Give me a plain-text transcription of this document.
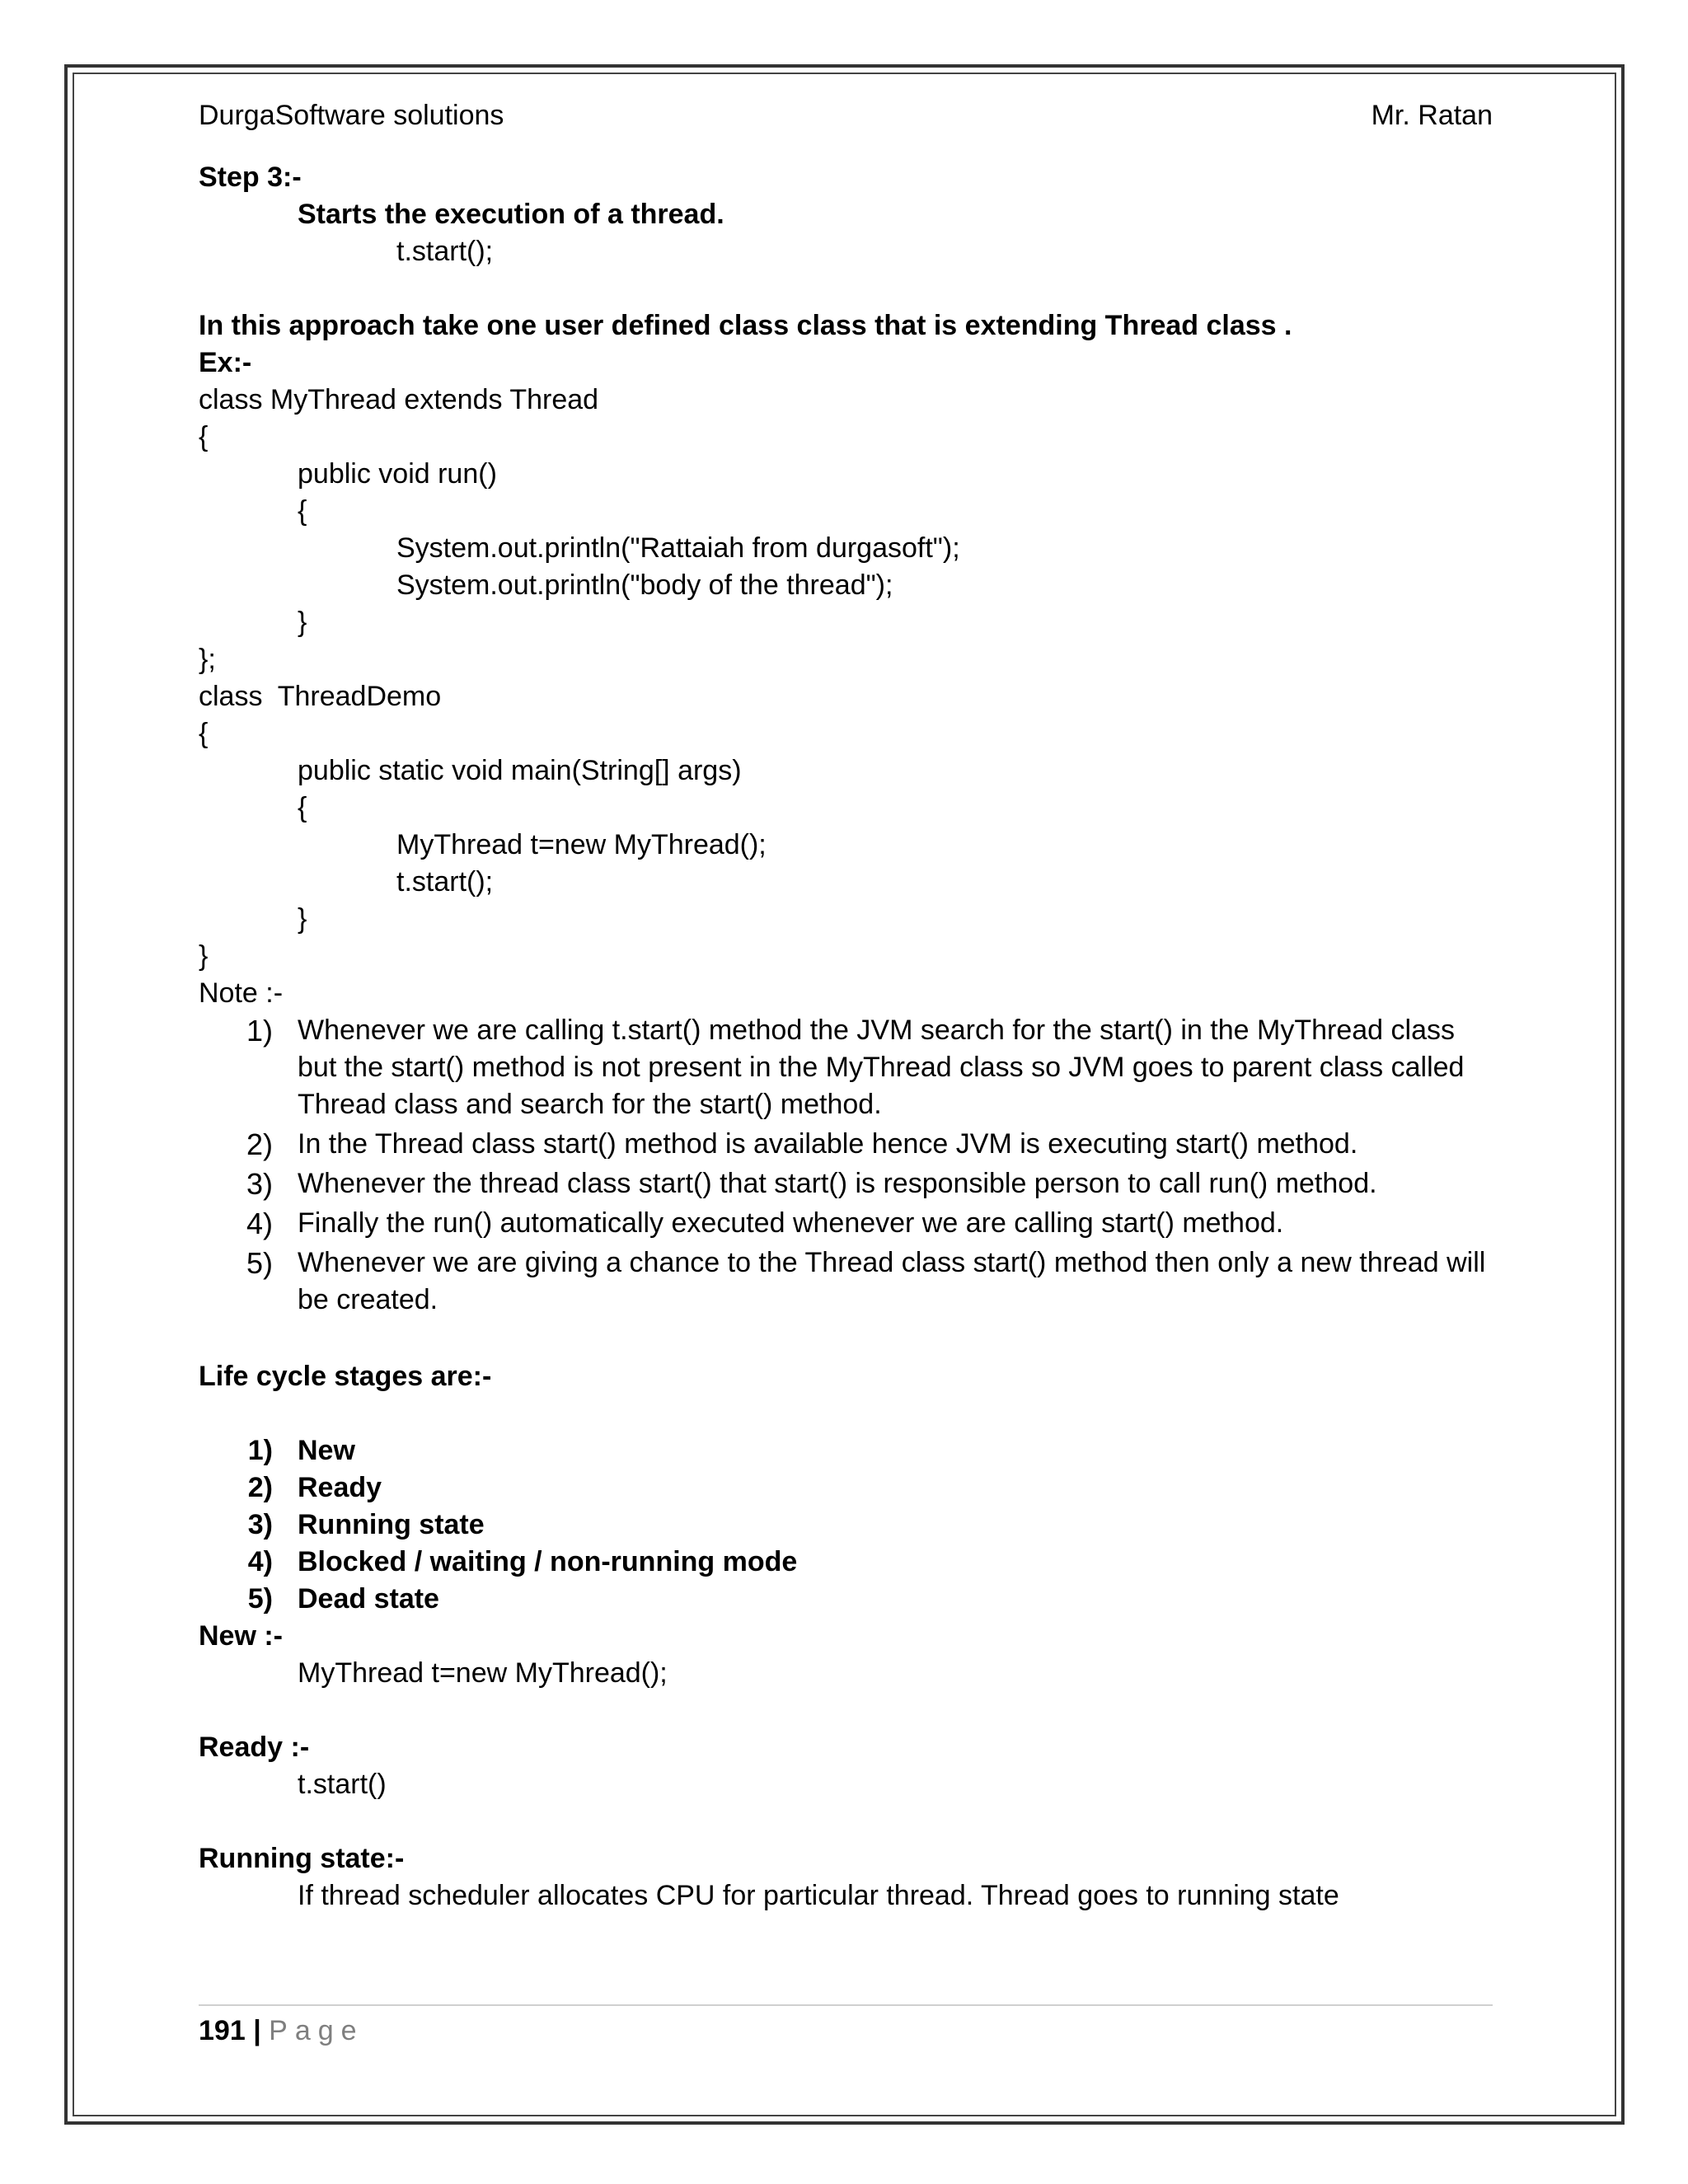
DurgaSoftware solutions	Mr. Ratan
Step 3:-
Starts the execution of a thread.
t.start();
In this approach take one user defined class class that is extending Thread class .
Ex:-
class MyThread extends Thread
{
public void run()
{
System.out.println("Rattaiah from durgasoft");
System.out.println("body of the thread");
}
};
class  ThreadDemo
{
public static void main(String[] args)
{
MyThread t=new MyThread();
t.start();
}
}
Note :-
1) Whenever we are calling t.start() method the JVM search for the start() in the MyThread class but the start() method is not present in the MyThread class so JVM goes to parent class called Thread class and search for the start() method.
2) In the Thread class start() method is available hence JVM is executing start() method.
3) Whenever the thread class start() that start() is responsible person to call run() method.
4) Finally the run() automatically executed whenever we are calling start() method.
5) Whenever we are giving a chance to the Thread class start() method then only a new thread will be created.
Life cycle stages are:-
1) New
2) Ready
3) Running state
4) Blocked / waiting / non-running mode
5) Dead state
New :-
MyThread t=new MyThread();
Ready :-
t.start()
Running state:-
If thread scheduler allocates CPU for particular thread. Thread goes to running state
191 | Page
